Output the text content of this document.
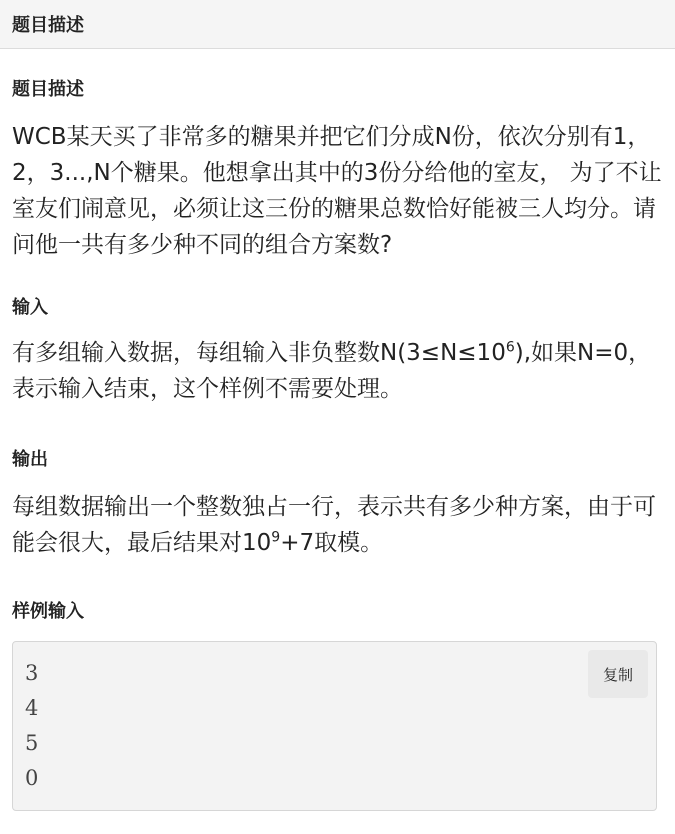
题目描述
题目描述

WCB某天买了非常多的糖果并把它们分成N份，依次分别有1，2，3...,N个糖果。他想拿出其中的3份分给他的室友， 为了不让室友们闹意见，必须让这三份的糖果总数恰好能被三人均分。请问他一共有多少种不同的组合方案数?

输入

有多组输入数据，每组输入非负整数$N(3\le N\le 10^6)$,如果N=0，表示输入结束，这个样例不需要处理。

输出

每组数据输出一个整数独占一行，表示共有多少种方案，由于可能会很大，最后结果对$10^9+7$取模。

样例输入
3
4
5
0
复制
